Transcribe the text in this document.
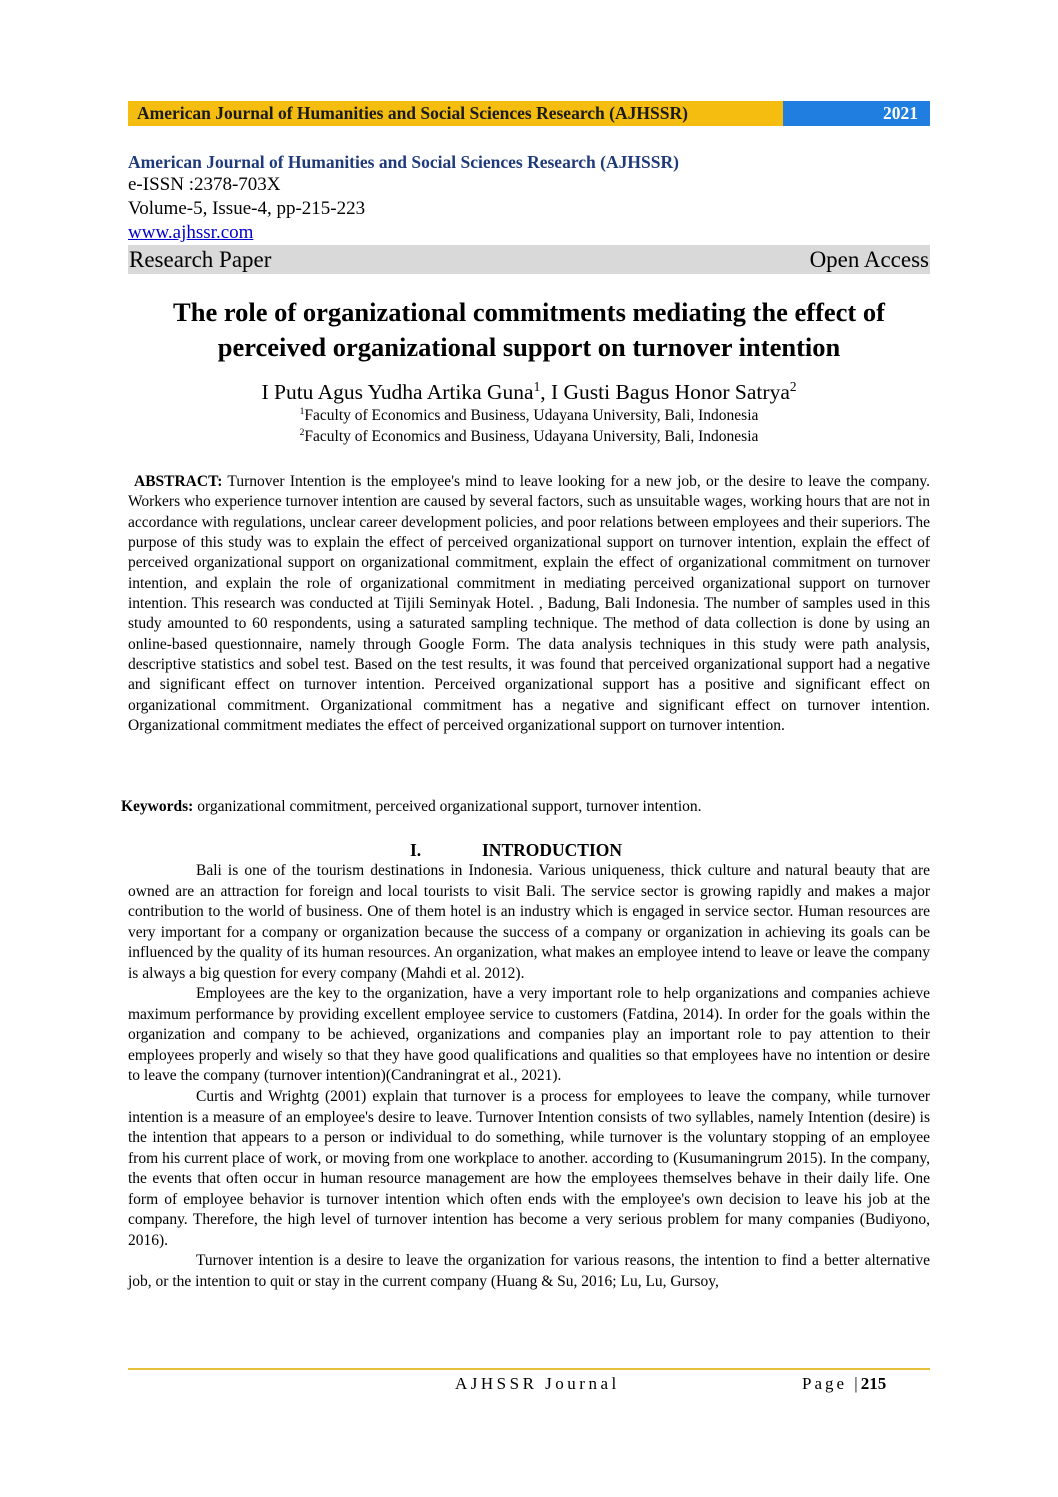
American Journal of Humanities and Social Sciences Research (AJHSSR)	2021
American Journal of Humanities and Social Sciences Research (AJHSSR)
e-ISSN :2378-703X
Volume-5, Issue-4, pp-215-223
www.ajhssr.com
Research Paper	Open Access
The role of organizational commitments mediating the effect of
perceived organizational support on turnover intention
I Putu Agus Yudha Artika Guna$^1$, I Gusti Bagus Honor Satrya$^2$
$^1$Faculty of Economics and Business, Udayana University, Bali, Indonesia
$^2$Faculty of Economics and Business, Udayana University, Bali, Indonesia
ABSTRACT: Turnover Intention is the employee's mind to leave looking for a new job, or the desire to leave the company. Workers who experience turnover intention are caused by several factors, such as unsuitable wages, working hours that are not in accordance with regulations, unclear career development policies, and poor relations between employees and their superiors. The purpose of this study was to explain the effect of perceived organizational support on turnover intention, explain the effect of perceived organizational support on organizational commitment, explain the effect of organizational commitment on turnover intention, and explain the role of organizational commitment in mediating perceived organizational support on turnover intention. This research was conducted at Tijili Seminyak Hotel. , Badung, Bali Indonesia. The number of samples used in this study amounted to 60 respondents, using a saturated sampling technique. The method of data collection is done by using an online-based questionnaire, namely through Google Form. The data analysis techniques in this study were path analysis, descriptive statistics and sobel test. Based on the test results, it was found that perceived organizational support had a negative and significant effect on turnover intention. Perceived organizational support has a positive and significant effect on organizational commitment. Organizational commitment has a negative and significant effect on turnover intention. Organizational commitment mediates the effect of perceived organizational support on turnover intention.
Keywords: organizational commitment, perceived organizational support, turnover intention.
I.	INTRODUCTION

Bali is one of the tourism destinations in Indonesia. Various uniqueness, thick culture and natural beauty that are owned are an attraction for foreign and local tourists to visit Bali. The service sector is growing rapidly and makes a major contribution to the world of business. One of them hotel is an industry which is engaged in service sector. Human resources are very important for a company or organization because the success of a company or organization in achieving its goals can be influenced by the quality of its human resources. An organization, what makes an employee intend to leave or leave the company is always a big question for every company (Mahdi et al. 2012).

Employees are the key to the organization, have a very important role to help organizations and companies achieve maximum performance by providing excellent employee service to customers (Fatdina, 2014). In order for the goals within the organization and company to be achieved, organizations and companies play an important role to pay attention to their employees properly and wisely so that they have good qualifications and qualities so that employees have no intention or desire to leave the company (turnover intention)(Candraningrat et al., 2021).

Curtis and Wrightg (2001) explain that turnover is a process for employees to leave the company, while turnover intention is a measure of an employee's desire to leave. Turnover Intention consists of two syllables, namely Intention (desire) is the intention that appears to a person or individual to do something, while turnover is the voluntary stopping of an employee from his current place of work, or moving from one workplace to another. according to (Kusumaningrum 2015). In the company, the events that often occur in human resource management are how the employees themselves behave in their daily life. One form of employee behavior is turnover intention which often ends with the employee's own decision to leave his job at the company. Therefore, the high level of turnover intention has become a very serious problem for many companies (Budiyono, 2016).

Turnover intention is a desire to leave the organization for various reasons, the intention to find a better alternative job, or the intention to quit or stay in the current company (Huang & Su, 2016; Lu, Lu, Gursoy,

AJHSSR Journal	Page |215
